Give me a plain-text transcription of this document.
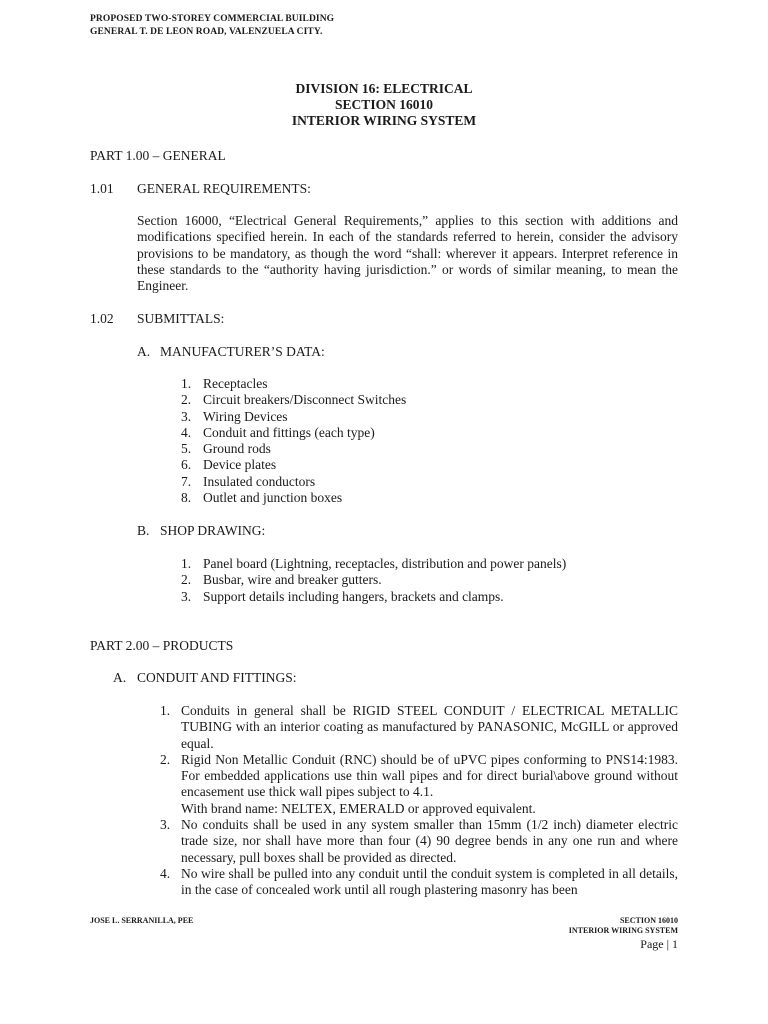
PROPOSED TWO-STOREY COMMERCIAL BUILDING
GENERAL T. DE LEON ROAD, VALENZUELA CITY.
DIVISION 16: ELECTRICAL
SECTION 16010
INTERIOR WIRING SYSTEM
PART 1.00 – GENERAL
1.01 GENERAL REQUIREMENTS:
Section 16000, “Electrical General Requirements,” applies to this section with additions and modifications specified herein. In each of the standards referred to herein, consider the advisory provisions to be mandatory, as though the word “shall: wherever it appears. Interpret reference in these standards to the “authority having jurisdiction.” or words of similar meaning, to mean the Engineer.
1.02 SUBMITTALS:
A. MANUFACTURER’S DATA:
1. Receptacles
2. Circuit breakers/Disconnect Switches
3. Wiring Devices
4. Conduit and fittings (each type)
5. Ground rods
6. Device plates
7. Insulated conductors
8. Outlet and junction boxes
B. SHOP DRAWING:
1. Panel board (Lightning, receptacles, distribution and power panels)
2. Busbar, wire and breaker gutters.
3. Support details including hangers, brackets and clamps.
PART 2.00 – PRODUCTS
A. CONDUIT AND FITTINGS:
1. Conduits in general shall be RIGID STEEL CONDUIT / ELECTRICAL METALLIC TUBING with an interior coating as manufactured by PANASONIC, McGILL or approved equal.
2. Rigid Non Metallic Conduit (RNC) should be of uPVC pipes conforming to PNS14:1983. For embedded applications use thin wall pipes and for direct burial\above ground without encasement use thick wall pipes subject to 4.1.
With brand name: NELTEX, EMERALD or approved equivalent.
3. No conduits shall be used in any system smaller than 15mm (1/2 inch) diameter electric trade size, nor shall have more than four (4) 90 degree bends in any one run and where necessary, pull boxes shall be provided as directed.
4. No wire shall be pulled into any conduit until the conduit system is completed in all details, in the case of concealed work until all rough plastering masonry has been
JOSE L. SERRANILLA, PEE	SECTION 16010
INTERIOR WIRING SYSTEM
Page | 1
